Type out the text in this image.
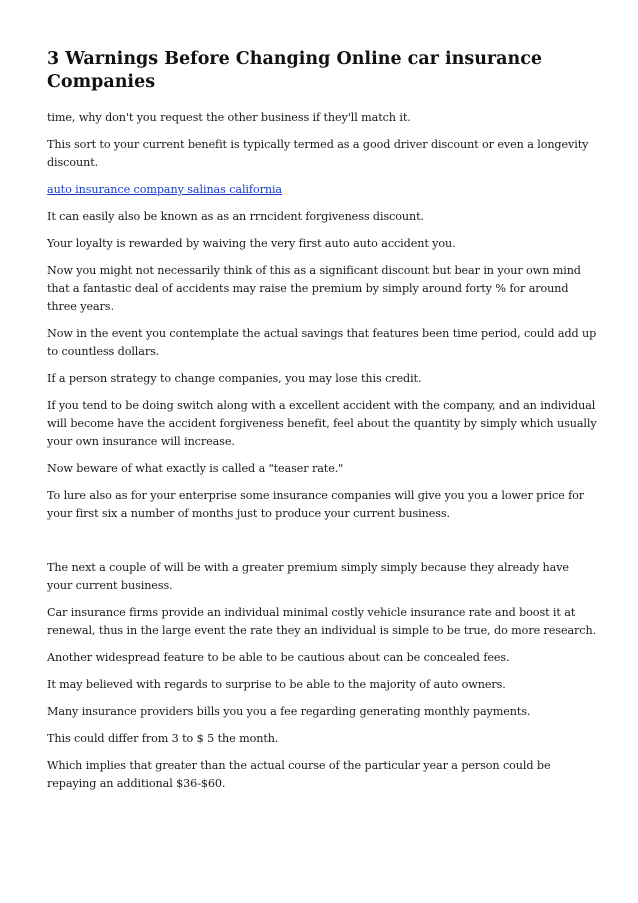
3 Warnings Before Changing Online car insurance Companies

time, why don't you request the other business if they'll match it.

This sort to your current benefit is typically termed as a good driver discount or even a longevity discount.

auto insurance company salinas california

It can easily also be known as as an rrncident forgiveness discount.

Your loyalty is rewarded by waiving the very first auto auto accident you.

Now you might not necessarily think of this as a significant discount but bear in your own mind that a fantastic deal of accidents may raise the premium by simply around forty % for around three years.

Now in the event you contemplate the actual savings that features been time period, could add up to countless dollars.

If a person strategy to change companies, you may lose this credit.

If you tend to be doing switch along with a excellent accident with the company, and an individual will become have the accident forgiveness benefit, feel about the quantity by simply which usually your own insurance will increase.

Now beware of what exactly is called a "teaser rate."

To lure also as for your enterprise some insurance companies will give you you a lower price for your first six a number of months just to produce your current business.

The next a couple of will be with a greater premium simply simply because they already have your current business.

Car insurance firms provide an individual minimal costly vehicle insurance rate and boost it at renewal, thus in the large event the rate they an individual is simple to be true, do more research.

Another widespread feature to be able to be cautious about can be concealed fees.

It may believed with regards to surprise to be able to the majority of auto owners.

Many insurance providers bills you you a fee regarding generating monthly payments.

This could differ from 3 to $ 5 the month.

Which implies that greater than the actual course of the particular year a person could be repaying an additional $36-$60.
